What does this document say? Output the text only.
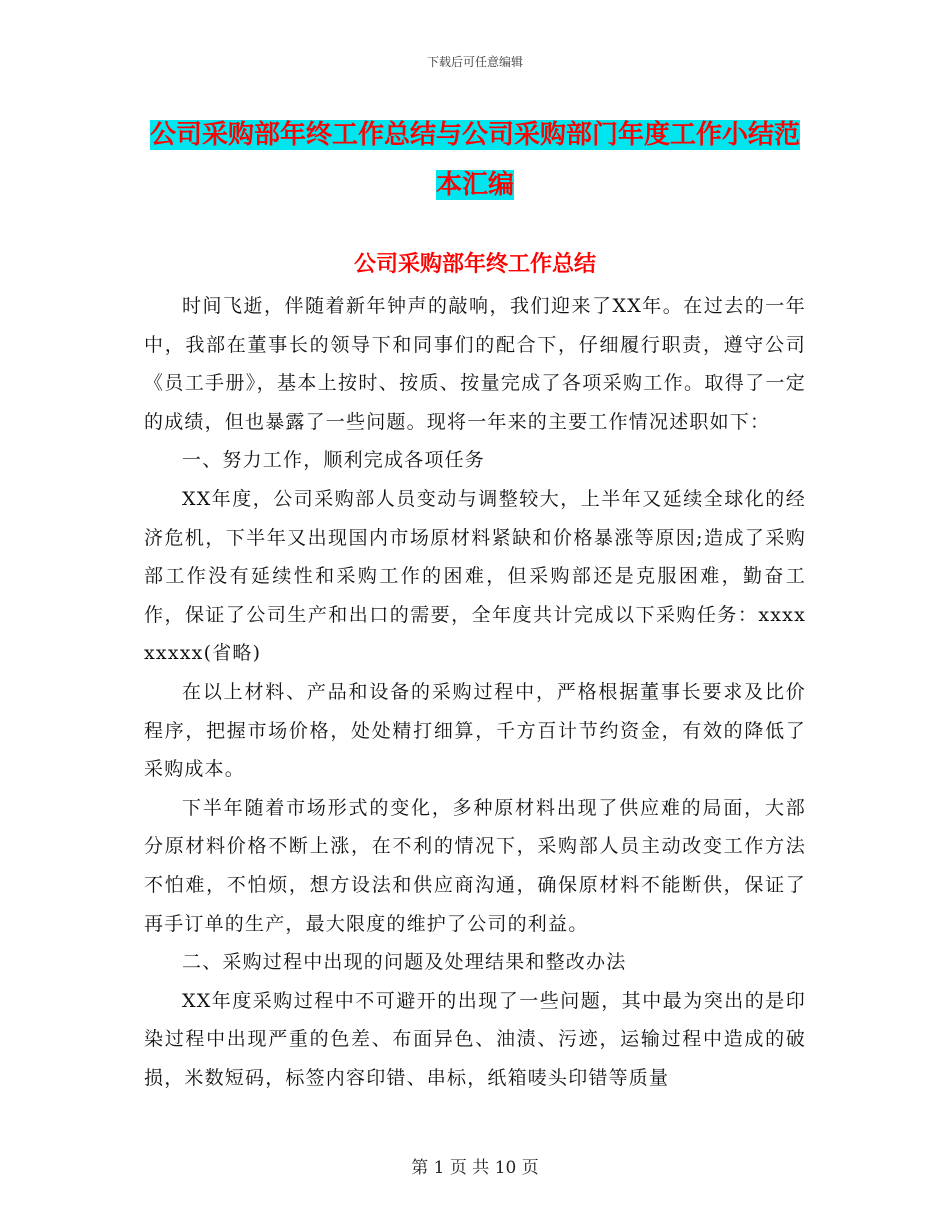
下载后可任意编辑
公司采购部年终工作总结与公司采购部门年度工作小结范本汇编
公司采购部年终工作总结

时间飞逝，伴随着新年钟声的敲响，我们迎来了XX年。在过去的一年中，我部在董事长的领导下和同事们的配合下，仔细履行职责，遵守公司《员工手册》，基本上按时、按质、按量完成了各项采购工作。取得了一定的成绩，但也暴露了一些问题。现将一年来的主要工作情况述职如下：

一、努力工作，顺利完成各项任务

XX年度，公司采购部人员变动与调整较大，上半年又延续全球化的经济危机，下半年又出现国内市场原材料紧缺和价格暴涨等原因;造成了采购部工作没有延续性和采购工作的困难，但采购部还是克服困难，勤奋工作，保证了公司生产和出口的需要，全年度共计完成以下采购任务：xxxx xxxxx(省略)

在以上材料、产品和设备的采购过程中，严格根据董事长要求及比价程序，把握市场价格，处处精打细算，千方百计节约资金，有效的降低了采购成本。

下半年随着市场形式的变化，多种原材料出现了供应难的局面，大部分原材料价格不断上涨，在不利的情况下，采购部人员主动改变工作方法不怕难，不怕烦，想方设法和供应商沟通，确保原材料不能断供，保证了再手订单的生产，最大限度的维护了公司的利益。

二、采购过程中出现的问题及处理结果和整改办法

XX年度采购过程中不可避开的出现了一些问题，其中最为突出的是印染过程中出现严重的色差、布面异色、油渍、污迹，运输过程中造成的破损，米数短码，标签内容印错、串标，纸箱唛头印错等质量

第 1 页 共 10 页
